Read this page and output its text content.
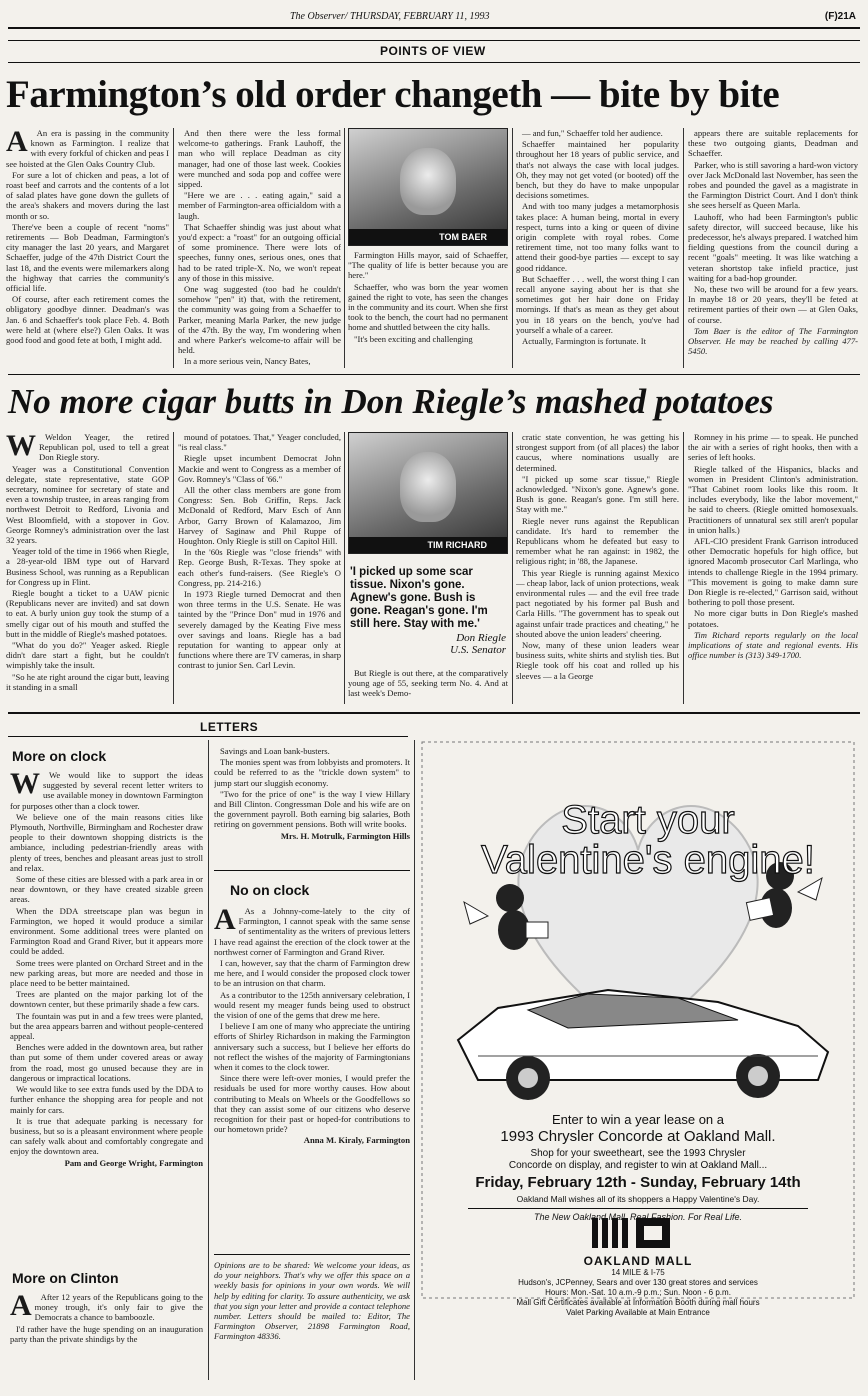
The Observer/ THURSDAY, FEBRUARY 11, 1993	(F)21A
POINTS OF VIEW
Farmington’s old order changeth — bite by bite
A	An era is passing in the community known as Farmington. I realize that with every forkful of chicken and peas I see hoisted at the Glen Oaks Country Club.

For sure a lot of chicken and peas, a lot of roast beef and carrots and the contents of a lot of salad plates have gone down the gullets of the area's shakers and movers during the last month or so.

There've been a couple of recent "noms" retirements — Bob Deadman, Farmington's city manager the last 20 years, and Margaret Schaeffer, judge of the 47th District Court the last 18, and the events were milemarkers along the highway that carries the community's official life.

Of course, after each retirement comes the obligatory goodbye dinner. Deadman's was Jan. 6 and Schaeffer's took place Feb. 4. Both were held at (where else?) Glen Oaks. It was good food and good fete at both, I might add.

And then there were the less formal welcome-to gatherings. Frank Lauhoff, the man who will replace Deadman as city manager, had one of those last week. Cookies were munched and soda pop and coffee were sipped.

"Here we are . . . eating again," said a member of Farmington-area officialdom with a laugh.

That Schaeffer shindig was just about what you'd expect: a "roast" for an outgoing official of some prominence. There were lots of speeches, funny ones, serious ones, ones that had to be rated triple-X. No, we won't repeat any of those in this missive.

One wag suggested (too bad he couldn't somehow "pen" it) that, with the retirement, the community was going from a Schaeffer to Parker, meaning Marla Parker, the new judge of the 47th. By the way, I'm wondering when and where Parker's welcome-to affair will be held.

In a more serious vein, Nancy Bates,

TOM BAER

Farmington Hills mayor, said of Schaeffer, "The quality of life is better because you are here."

Schaeffer, who was born the year women gained the right to vote, has seen the changes in the community and its court. When she first took to the bench, the court had no permanent home and shuttled between the city halls.

"It's been exciting and challenging

— and fun," Schaeffer told her audience.

Schaeffer maintained her popularity throughout her 18 years of public service, and that's not always the case with local judges. Oh, they may not get voted (or booted) off the bench, but they do have to make unpopular decisions sometimes.

And with too many judges a metamorphosis takes place: A human being, mortal in every respect, turns into a king or queen of divine origin complete with royal robes. Come retirement time, not too many folks want to attend their good-bye parties — except to say good riddance.

But Schaeffer . . . well, the worst thing I can recall anyone saying about her is that she sometimes got her hair done on Friday mornings. If that's as mean as they get about you in 18 years on the bench, you've had yourself a whale of a career.

Actually, Farmington is fortunate. It

appears there are suitable replacements for these two outgoing giants, Deadman and Schaeffer.

Parker, who is still savoring a hard-won victory over Jack McDonald last November, has seen the robes and pounded the gavel as a magistrate in the Farmington District Court. And I don't think she sees herself as Queen Marla.

Lauhoff, who had been Farmington's public safety director, will succeed because, like his predecessor, he's always prepared. I watched him fielding questions from the council during a recent "goals" meeting. It was like watching a veteran shortstop take infield practice, just waiting for a bad-hop grounder.

No, these two will be around for a few years. In maybe 18 or 20 years, they'll be feted at retirement parties of their own — at Glen Oaks, of course.

Tom Baer is the editor of The Farmington Observer. He may be reached by calling 477-5450.

No more cigar butts in Don Riegle’s mashed potatoes
W	Weldon Yeager, the retired Republican pol, used to tell a great Don Riegle story.

Yeager was a Constitutional Convention delegate, state representative, state GOP secretary, nominee for secretary of state and even a township trustee, in areas ranging from northwest Detroit to Redford, Livonia and West Bloomfield, with a stopover in Gov. George Romney's administration over the last 32 years.

Yeager told of the time in 1966 when Riegle, a 28-year-old IBM type out of Harvard Business School, was running as a Republican for Congress up in Flint.

Riegle bought a ticket to a UAW picnic (Republicans never are invited) and sat down to eat. A burly union guy took the stump of a smelly cigar out of his mouth and stuffed the butt in the middle of Riegle's mashed potatoes.

"What do you do?" Yeager asked. Riegle didn't dare start a fight, but he couldn't wimpishly take the insult.

"So he ate right around the cigar butt, leaving it standing in a small

mound of potatoes. That," Yeager concluded, "is real class."

Riegle upset incumbent Democrat John Mackie and went to Congress as a member of Gov. Romney's "Class of '66."

All the other class members are gone from Congress: Sen. Bob Griffin, Reps. Jack McDonald of Redford, Marv Esch of Ann Arbor, Garry Brown of Kalamazoo, Jim Harvey of Saginaw and Phil Ruppe of Houghton. Only Riegle is still on Capitol Hill.

In the '60s Riegle was "close friends" with Rep. George Bush, R-Texas. They spoke at each other's fund-raisers. (See Riegle's O Congress, pp. 214-216.)

In 1973 Riegle turned Democrat and then won three terms in the U.S. Senate. He was tainted by the "Prince Don" mud in 1976 and severely damaged by the Keating Five mess over savings and loans. Riegle has a bad reputation for wanting to appear only at functions where there are TV cameras, in sharp contrast to junior Sen. Carl Levin.

TIM RICHARD
'I picked up some scar tissue. Nixon's gone. Agnew's gone. Bush is gone. Reagan's gone. I'm still here. Stay with me.'
Don Riegle
U.S. Senator

But Riegle is out there, at the comparatively young age of 55, seeking term No. 4. And at last week's Demo-

cratic state convention, he was getting his strongest support from (of all places) the labor caucus, where nominations usually are determined.

"I picked up some scar tissue," Riegle acknowledged. "Nixon's gone. Agnew's gone. Bush is gone. Reagan's gone. I'm still here. Stay with me."

Riegle never runs against the Republican candidate. It's hard to remember the Republicans whom he defeated but easy to remember what he ran against: in 1982, the religious right; in '88, the Japanese.

This year Riegle is running against Mexico — cheap labor, lack of union protections, weak environmental rules — and the evil free trade pact negotiated by his former pal Bush and Carla Hills. "The government has to speak out against unfair trade practices and cheating," he shouted above the union leaders' cheering.

Now, many of these union leaders wear business suits, white shirts and stylish ties. But Riegle took off his coat and rolled up his sleeves — a la George

Romney in his prime — to speak. He punched the air with a series of right hooks, then with a series of left hooks.

Riegle talked of the Hispanics, blacks and women in President Clinton's administration. "That Cabinet room looks like this room. It includes everybody, like the labor movement," he said to cheers. (Riegle omitted homosexuals. Practitioners of unnatural sex still aren't popular in union halls.)

AFL-CIO president Frank Garrison introduced other Democratic hopefuls for high office, but ignored Macomb prosecutor Carl Marlinga, who intends to challenge Riegle in the 1994 primary. "This movement is going to make damn sure Don Riegle is re-elected," Garrison said, without bothering to poll those present.

No more cigar butts in Don Riegle's mashed potatoes.

Tim Richard reports regularly on the local implications of state and regional events. His office number is (313) 349-1700.

LETTERS
More on clock
W	We would like to support the ideas suggested by several recent letter writers to use available money in downtown Farmington for purposes other than a clock tower.

We believe one of the main reasons cities like Plymouth, Northville, Birmingham and Rochester draw people to their downtown shopping districts is the ambiance, including pedestrian-friendly areas with plenty of trees, benches and pleasant areas just to stroll and relax.

Some of these cities are blessed with a park area in or near downtown, or they have created sizable green areas.

When the DDA streetscape plan was begun in Farmington, we hoped it would produce a similar environment. Some additional trees were planted on Farmington Road and Grand River, but it appears more could be added.

Some trees were planted on Orchard Street and in the new parking areas, but more are needed and those in place need to be better maintained.

Trees are planted on the major parking lot of the downtown center, but these primarily shade a few cars.

The fountain was put in and a few trees were planted, but the area appears barren and without people-centered appeal.

Benches were added in the downtown area, but rather than put some of them under covered areas or away from the road, most go unused because they are in dangerous or impractical locations.

We would like to see extra funds used by the DDA to further enhance the shopping area for people and not mainly for cars.

It is true that adequate parking is necessary for business, but so is a pleasant environment where people can safely walk about and comfortably congregate and enjoy the downtown area.

Pam and George Wright, Farmington

More on Clinton
A	After 12 years of the Republicans going to the money trough, it's only fair to give the Democrats a chance to bamboozle.

I'd rather have the huge spending on an inauguration party than the private shindigs by the

Savings and Loan bank-busters.

The monies spent was from lobbyists and promoters. It could be referred to as the "trickle down system" to jump start our sluggish economy.

"Two for the price of one" is the way I view Hillary and Bill Clinton. Congressman Dole and his wife are on the government payroll. Both earning big salaries, Both retiring on government pensions. Both will write books.

Mrs. H. Motrulk, Farmington Hills

No on clock
A	As a Johnny-come-lately to the city of Farmington, I cannot speak with the same sense of sentimentality as the writers of previous letters I have read against the erection of the clock tower at the northwest corner of Farmington and Grand River.

I can, however, say that the charm of Farmington drew me here, and I would consider the proposed clock tower to be an intrusion on that charm.

As a contributor to the 125th anniversary celebration, I would resent my meager funds being used to obstruct the vision of one of the gems that drew me here.

I believe I am one of many who appreciate the untiring efforts of Shirley Richardson in making the Farmington anniversary such a success, but I believe her efforts do not reflect the wishes of the majority of Farmingtonians when it comes to the clock tower.

Since there were left-over monies, I would prefer the residuals be used for more worthy causes. How about contributing to Meals on Wheels or the Goodfellows so that they can assist some of our citizens who deserve recognition for their past or hoped-for contributions to our hometown pride?

Anna M. Kiraly, Farmington

Opinions are to be shared: We welcome your ideas, as do your neighbors. That's why we offer this space on a weekly basis for opinions in your own words. We will help by editing for clarity. To assure authenticity, we ask that you sign your letter and provide a contact telephone number. Letters should be mailed to: Editor, The Farmington Observer, 21898 Farmington Road, Farmington 48336.
Start your
Valentine's engine!
Enter to win a year lease on a
1993 Chrysler Concorde at Oakland Mall.
Shop for your sweetheart, see the 1993 Chrysler
Concorde on display, and register to win at Oakland Mall...
Friday, February 12th - Sunday, February 14th
Oakland Mall wishes all of its shoppers a Happy Valentine's Day.
The New Oakland Mall. Real Fashion. For Real Life.
OAKLAND MALL
14 MILE & I-75
Hudson's, JCPenney, Sears and over 130 great stores and services
Hours: Mon.-Sat. 10 a.m.-9 p.m.; Sun. Noon - 6 p.m.
Mall Gift Certificates available at Information Booth during mall hours
Valet Parking Available at Main Entrance
